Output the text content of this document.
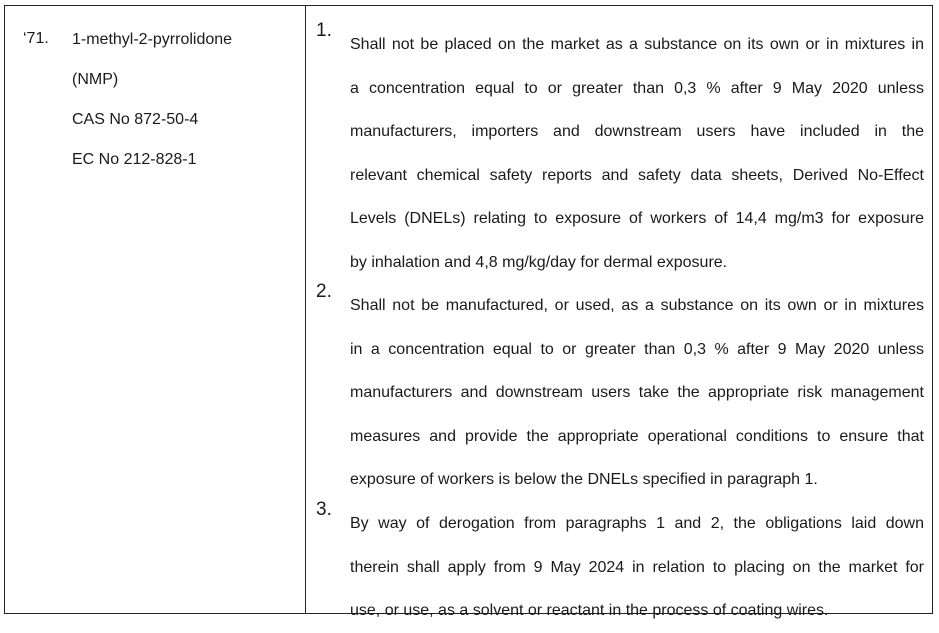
‘71. 1-methyl-2-pyrrolidone
(NMP)
CAS No 872-50-4
EC No 212-828-1
1.
Shall not be placed on the market as a substance on its own or in mixtures in
a concentration equal to or greater than 0,3 % after 9 May 2020 unless
manufacturers, importers and downstream users have included in the
relevant chemical safety reports and safety data sheets, Derived No-Effect
Levels (DNELs) relating to exposure of workers of 14,4 mg/m3 for exposure
by inhalation and 4,8 mg/kg/day for dermal exposure.
2.
Shall not be manufactured, or used, as a substance on its own or in mixtures
in a concentration equal to or greater than 0,3 % after 9 May 2020 unless
manufacturers and downstream users take the appropriate risk management
measures and provide the appropriate operational conditions to ensure that
exposure of workers is below the DNELs specified in paragraph 1.
3.
By way of derogation from paragraphs 1 and 2, the obligations laid down
therein shall apply from 9 May 2024 in relation to placing on the market for
use, or use, as a solvent or reactant in the process of coating wires.
